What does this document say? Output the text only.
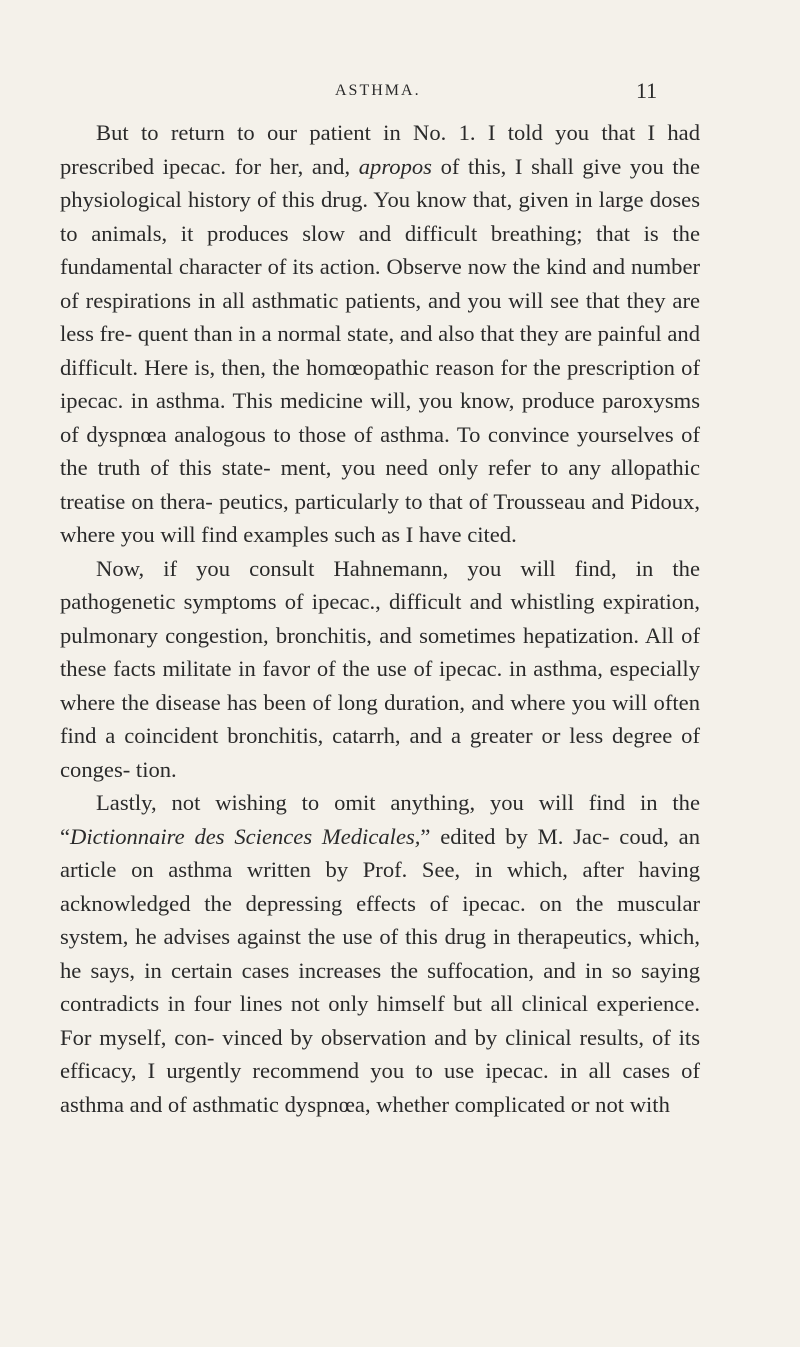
ASTHMA.	11

But to return to our patient in No. 1. I told you that I had prescribed ipecac. for her, and, apropos of this, I shall give you the physiological history of this drug. You know that, given in large doses to animals, it produces slow and difficult breathing; that is the fundamental character of its action. Observe now the kind and number of respirations in all asthmatic patients, and you will see that they are less fre- quent than in a normal state, and also that they are painful and difficult. Here is, then, the homœopathic reason for the prescription of ipecac. in asthma. This medicine will, you know, produce paroxysms of dyspnœa analogous to those of asthma. To convince yourselves of the truth of this state- ment, you need only refer to any allopathic treatise on thera- peutics, particularly to that of Trousseau and Pidoux, where you will find examples such as I have cited.

Now, if you consult Hahnemann, you will find, in the pathogenetic symptoms of ipecac., difficult and whistling expiration, pulmonary congestion, bronchitis, and sometimes hepatization. All of these facts militate in favor of the use of ipecac. in asthma, especially where the disease has been of long duration, and where you will often find a coincident bronchitis, catarrh, and a greater or less degree of conges- tion.

Lastly, not wishing to omit anything, you will find in the “Dictionnaire des Sciences Medicales,” edited by M. Jac- coud, an article on asthma written by Prof. See, in which, after having acknowledged the depressing effects of ipecac. on the muscular system, he advises against the use of this drug in therapeutics, which, he says, in certain cases increases the suffocation, and in so saying contradicts in four lines not only himself but all clinical experience. For myself, con- vinced by observation and by clinical results, of its efficacy, I urgently recommend you to use ipecac. in all cases of asthma and of asthmatic dyspnœa, whether complicated or not with
